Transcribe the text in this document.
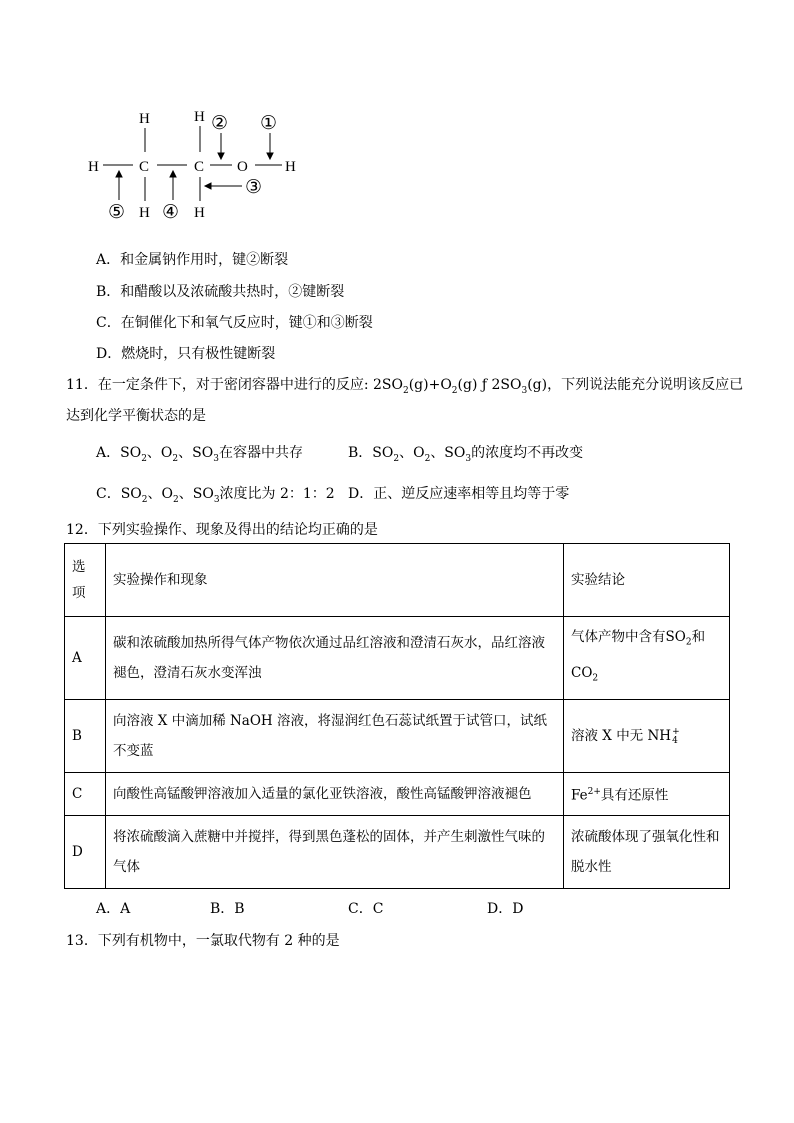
H	C	C O H
H	H
H	H
①
②
③
④
⑤
A．和金属钠作用时，键②断裂
B．和醋酸以及浓硫酸共热时，②键断裂
C．在铜催化下和氧气反应时，键①和③断裂
D．燃烧时，只有极性键断裂
11．在一定条件下，对于密闭容器中进行的反应: $2SO_2(g)+O_2(g)$ ƒ $2SO_3(g)$，下列说法能充分说明该反应已
达到化学平衡状态的是
A．$SO_2$、$O_2$、$SO_3$在容器中共存	B．$SO_2$、$O_2$、$SO_3$的浓度均不再改变
C．$SO_2$、$O_2$、$SO_3$浓度比为 2：1：2 D．正、逆反应速率相等且均等于零
12．下列实验操作、现象及得出的结论均正确的是
选
项	实验操作和现象	实验结论
A	碳和浓硫酸加热所得气体产物依次通过品红溶液和澄清石灰水，品红溶液褪色，澄清石灰水变浑浊	气体产物中含有$SO_2$和
$CO_2$
B	向溶液 X 中滴加稀 NaOH 溶液，将湿润红色石蕊试纸置于试管口，试纸不变蓝	溶液 X 中无 NH+
4
C	向酸性高锰酸钾溶液加入适量的氯化亚铁溶液，酸性高锰酸钾溶液褪色	$Fe^{2+}$具有还原性
D	将浓硫酸滴入蔗糖中并搅拌，得到黑色蓬松的固体，并产生刺激性气味的气体	浓硫酸体现了强氧化性和脱水性
A．A	B．B	C．C	D．D
13．下列有机物中，一氯取代物有 2 种的是
